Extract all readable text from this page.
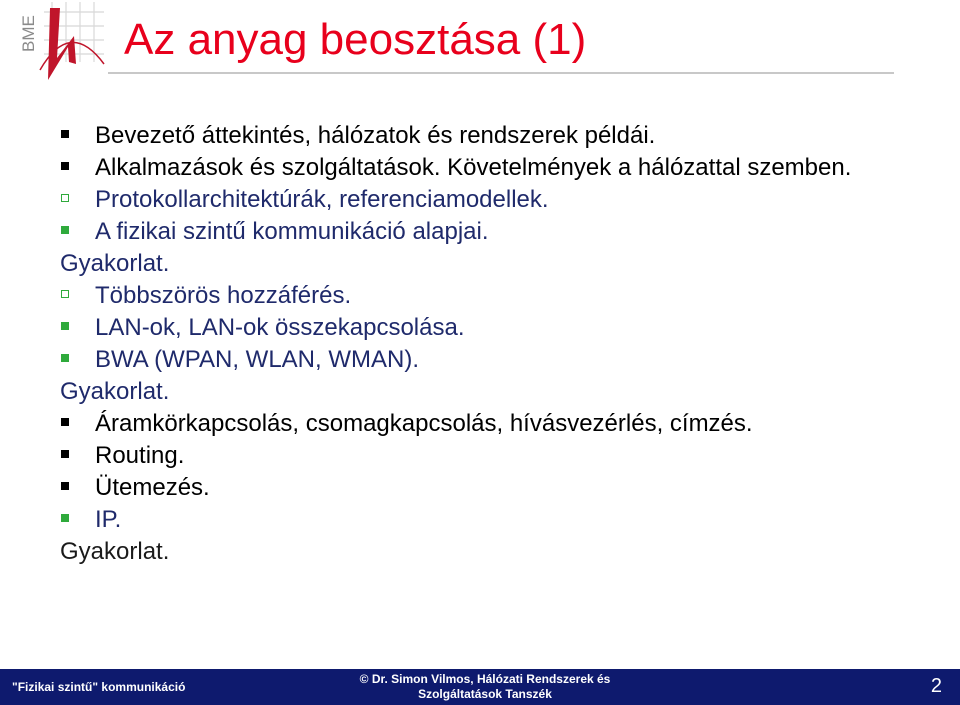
BME Az anyag beosztása (1)
Bevezető áttekintés, hálózatok és rendszerek példái.
Alkalmazások és szolgáltatások. Követelmények a hálózattal szemben.
Protokollarchitektúrák, referenciamodellek.
A fizikai szintű kommunikáció alapjai.
Gyakorlat.
Többszörös hozzáférés.
LAN-ok, LAN-ok összekapcsolása.
BWA (WPAN, WLAN, WMAN).
Gyakorlat.
Áramkörkapcsolás, csomagkapcsolás, hívásvezérlés, címzés.
Routing.
Ütemezés.
IP.
Gyakorlat.
"Fizikai szintű" kommunikáció
© Dr. Simon Vilmos, Hálózati Rendszerek és
Szolgáltatások Tanszék	2
